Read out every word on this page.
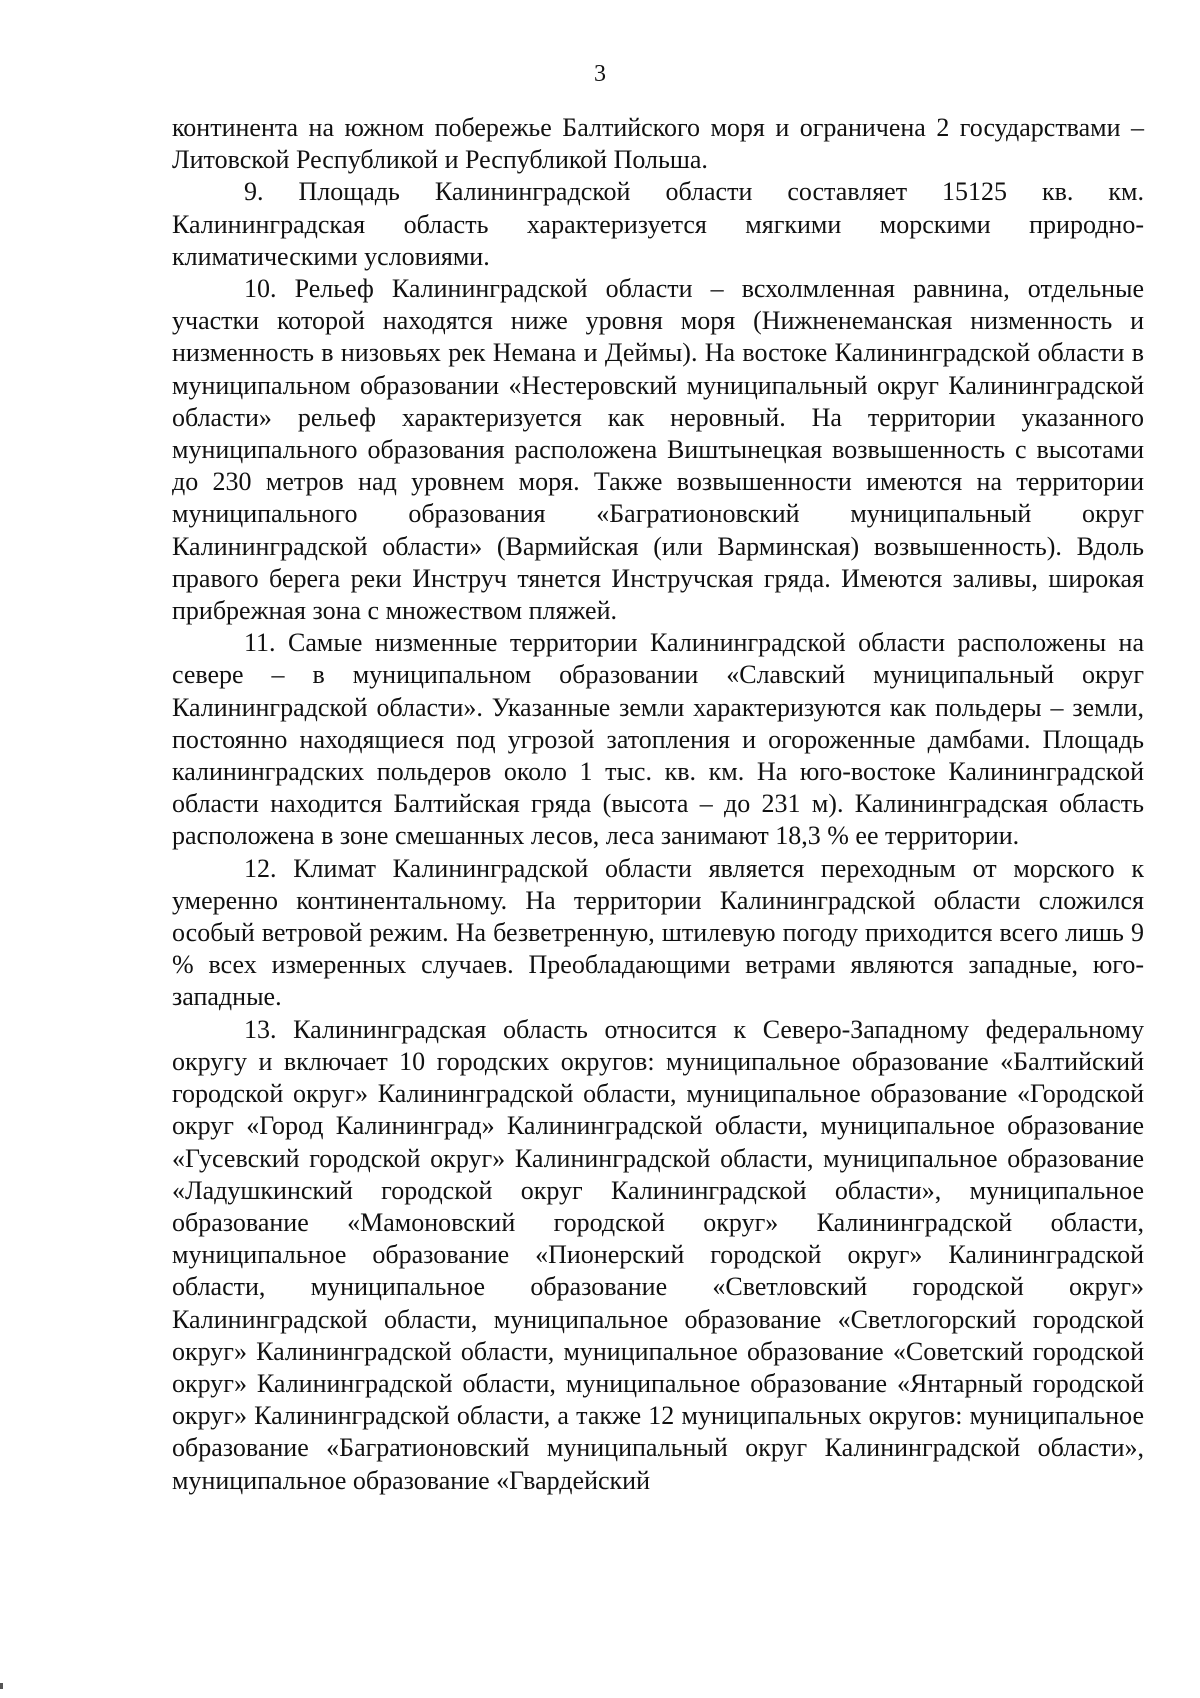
3

континента на южном побережье Балтийского моря и ограничена 2 государствами – Литовской Республикой и Республикой Польша.

9. Площадь Калининградской области составляет 15125 кв. км. Калининградская область характеризуется мягкими морскими природно-климатическими условиями.

10. Рельеф Калининградской области – всхолмленная равнина, отдельные участки которой находятся ниже уровня моря (Нижненеманская низменность и низменность в низовьях рек Немана и Деймы). На востоке Калининградской области в муниципальном образовании «Нестеровский муниципальный округ Калининградской области» рельеф характеризуется как неровный. На территории указанного муниципального образования расположена Виштынецкая возвышенность с высотами до 230 метров над уровнем моря. Также возвышенности имеются на территории муниципального образования «Багратионовский муниципальный округ Калининградской области» (Вармийская (или Варминская) возвышенность). Вдоль правого берега реки Инструч тянется Инстручская гряда. Имеются заливы, широкая прибрежная зона с множеством пляжей.

11. Самые низменные территории Калининградской области расположены на севере – в муниципальном образовании «Славский муниципальный округ Калининградской области». Указанные земли характеризуются как польдеры – земли, постоянно находящиеся под угрозой затопления и огороженные дамбами. Площадь калининградских польдеров около 1 тыс. кв. км. На юго-востоке Калининградской области находится Балтийская гряда (высота – до 231 м). Калининградская область расположена в зоне смешанных лесов, леса занимают 18,3 % ее территории.

12. Климат Калининградской области является переходным от морского к умеренно континентальному. На территории Калининградской области сложился особый ветровой режим. На безветренную, штилевую погоду приходится всего лишь 9 % всех измеренных случаев. Преобладающими ветрами являются западные, юго-западные.

13. Калининградская область относится к Северо-Западному федеральному округу и включает 10 городских округов: муниципальное образование «Балтийский городской округ» Калининградской области, муниципальное образование «Городской округ «Город Калининград» Калининградской области, муниципальное образование «Гусевский городской округ» Калининградской области, муниципальное образование «Ладушкинский городской округ Калининградской области», муниципальное образование «Мамоновский городской округ» Калининградской области, муниципальное образование «Пионерский городской округ» Калининградской области, муниципальное образование «Светловский городской округ» Калининградской области, муниципальное образование «Светлогорский городской округ» Калининградской области, муниципальное образование «Советский городской округ» Калининградской области, муниципальное образование «Янтарный городской округ» Калининградской области, а также 12 муниципальных округов: муниципальное образование «Багратионовский муниципальный округ Калининградской области», муниципальное образование «Гвардейский
